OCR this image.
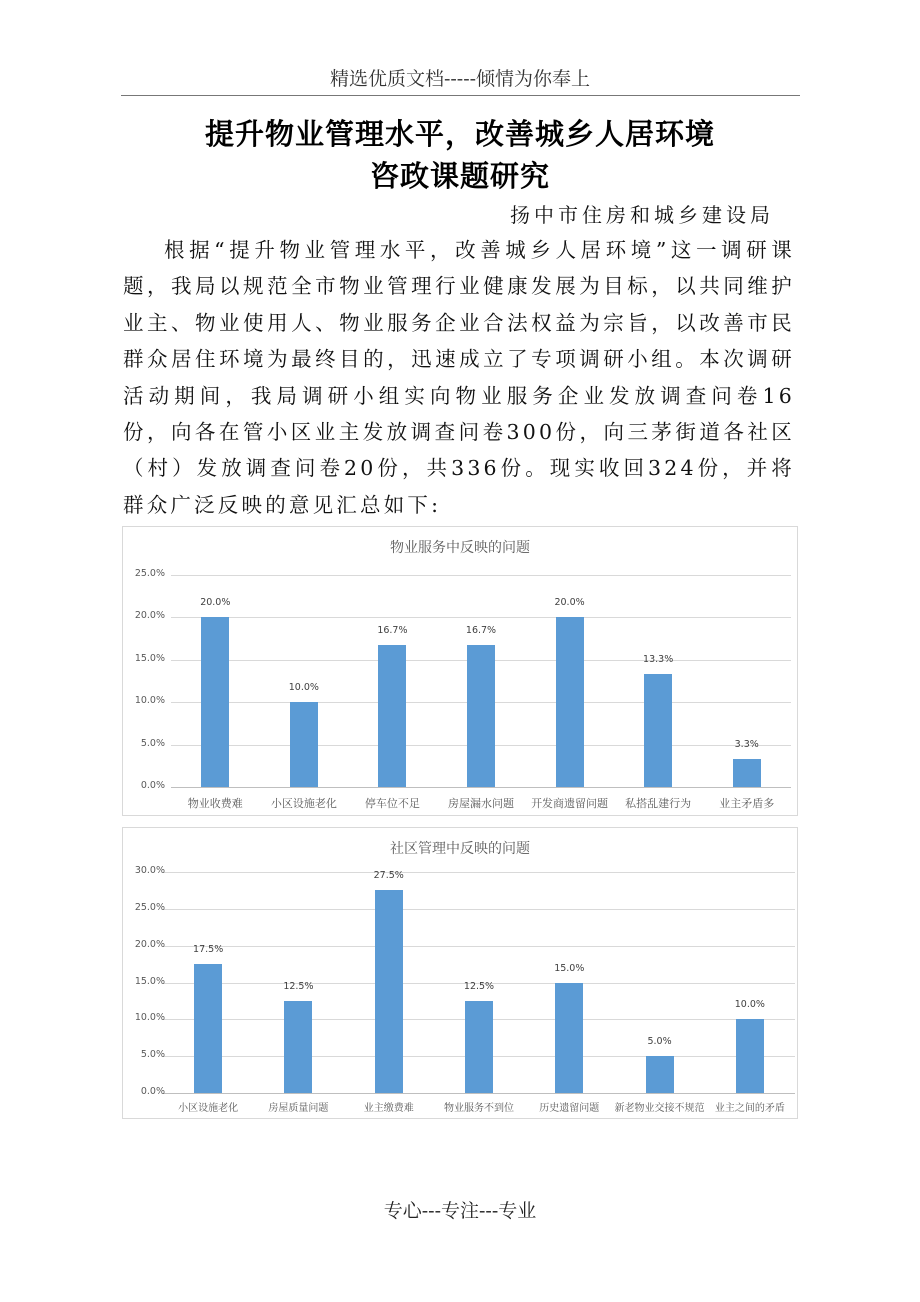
精选优质文档-----倾情为你奉上
提升物业管理水平，改善城乡人居环境
咨政课题研究
扬中市住房和城乡建设局

根据“提升物业管理水平，改善城乡人居环境”这一调研课题，我局以规范全市物业管理行业健康发展为目标，以共同维护业主、物业使用人、物业服务企业合法权益为宗旨，以改善市民群众居住环境为最终目的，迅速成立了专项调研小组。本次调研活动期间，我局调研小组实向物业服务企业发放调查问卷16份，向各在管小区业主发放调查问卷300份，向三茅街道各社区（村）发放调查问卷20份，共336份。现实收回324份，并将群众广泛反映的意见汇总如下:

物业服务中反映的问题
0.0%
5.0%
10.0%
15.0%
20.0%
25.0%
20.0%
物业收费难
10.0%
小区设施老化
16.7%
停车位不足
16.7%
房屋漏水问题
20.0%
开发商遗留问题
13.3%
私搭乱建行为
3.3%
业主矛盾多
社区管理中反映的问题
0.0%
5.0%
10.0%
15.0%
20.0%
25.0%
30.0%
17.5%
小区设施老化
12.5%
房屋质量问题
27.5%
业主缴费难
12.5%
物业服务不到位
15.0%
历史遗留问题
5.0%
新老物业交接不规范
10.0%
业主之间的矛盾
专心---专注---专业
